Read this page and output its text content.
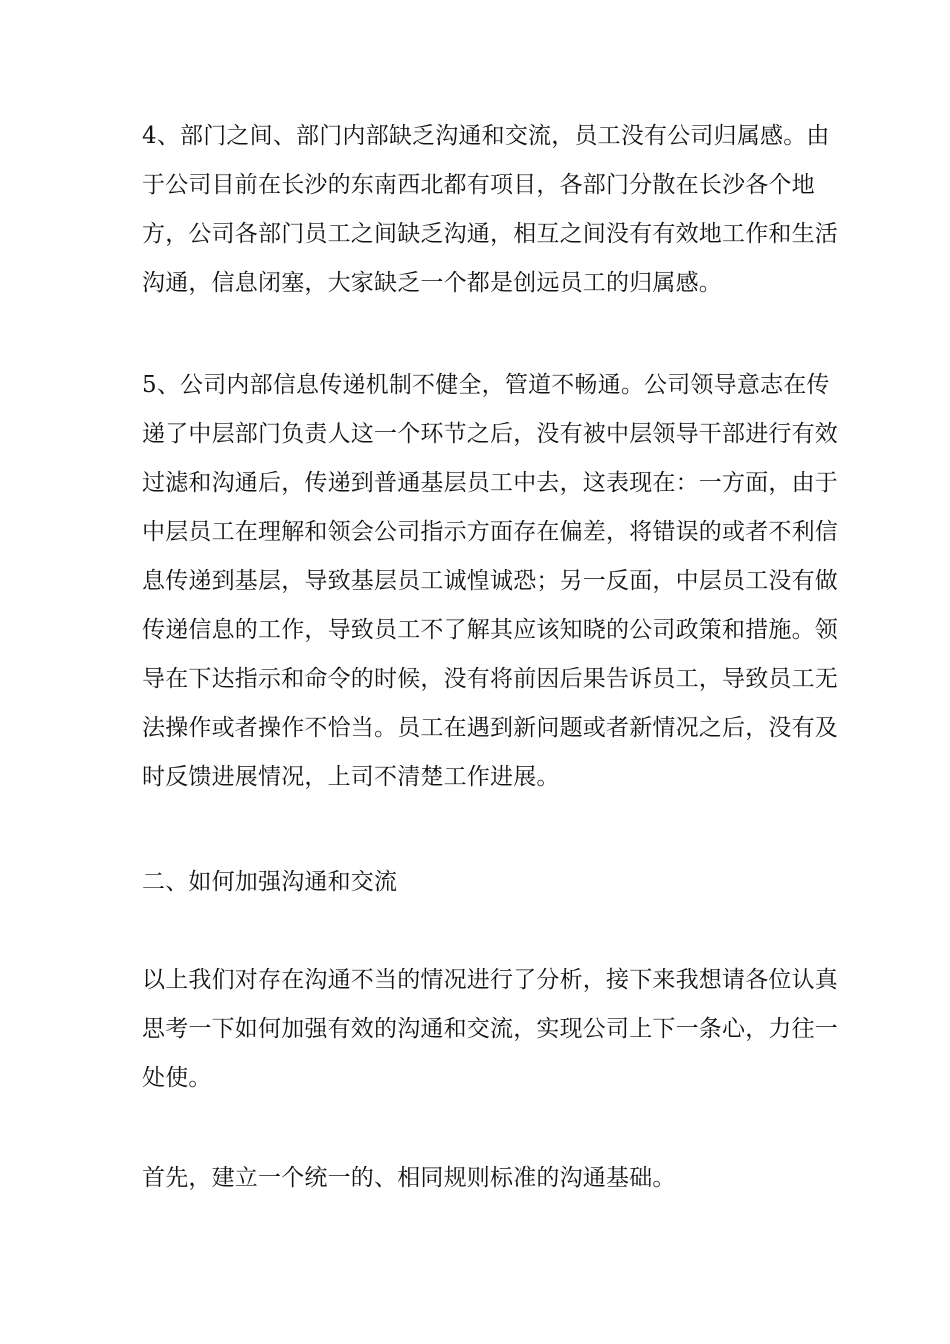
4、部门之间、部门内部缺乏沟通和交流，员工没有公司归属感。由
于公司目前在长沙的东南西北都有项目，各部门分散在长沙各个地
方，公司各部门员工之间缺乏沟通，相互之间没有有效地工作和生活
沟通，信息闭塞，大家缺乏一个都是创远员工的归属感。
5、公司内部信息传递机制不健全，管道不畅通。公司领导意志在传
递了中层部门负责人这一个环节之后，没有被中层领导干部进行有效
过滤和沟通后，传递到普通基层员工中去，这表现在：一方面，由于
中层员工在理解和领会公司指示方面存在偏差，将错误的或者不利信
息传递到基层，导致基层员工诚惶诚恐；另一反面，中层员工没有做
传递信息的工作，导致员工不了解其应该知晓的公司政策和措施。领
导在下达指示和命令的时候，没有将前因后果告诉员工，导致员工无
法操作或者操作不恰当。员工在遇到新问题或者新情况之后，没有及
时反馈进展情况，上司不清楚工作进展。
二、如何加强沟通和交流
以上我们对存在沟通不当的情况进行了分析，接下来我想请各位认真
思考一下如何加强有效的沟通和交流，实现公司上下一条心，力往一
处使。
首先，建立一个统一的、相同规则标准的沟通基础。
